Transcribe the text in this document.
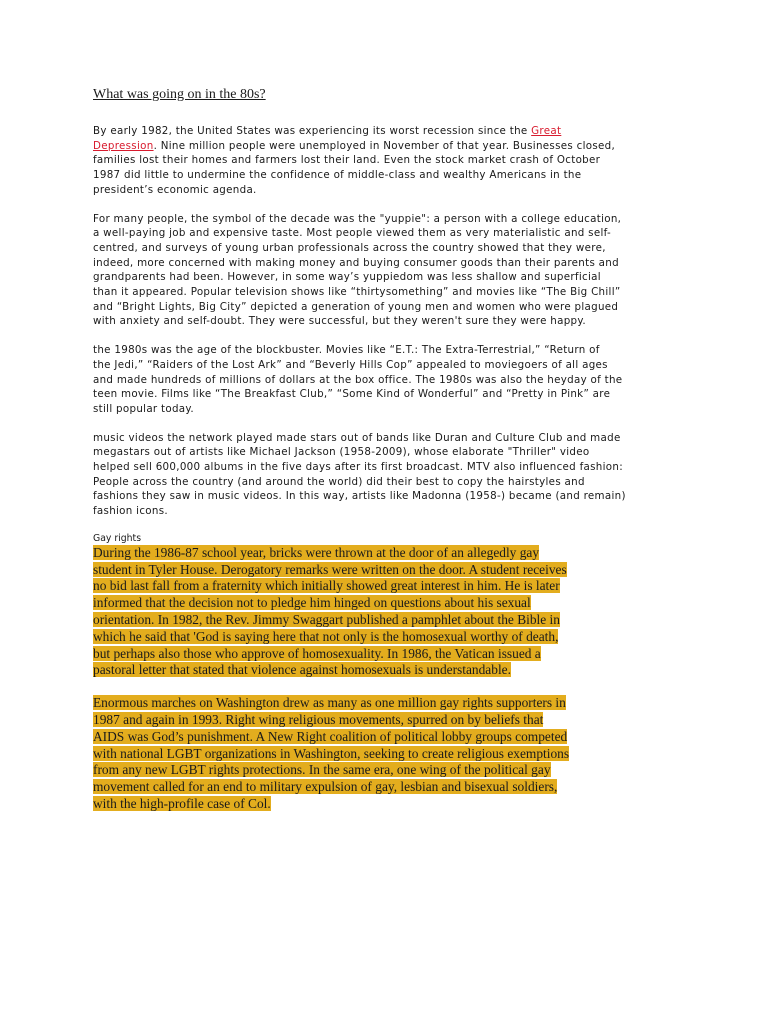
What was going on in the 80s?

By early 1982, the United States was experiencing its worst recession since the Great
Depression. Nine million people were unemployed in November of that year. Businesses closed,
families lost their homes and farmers lost their land. Even the stock market crash of October
1987 did little to undermine the confidence of middle-class and wealthy Americans in the
president’s economic agenda.

For many people, the symbol of the decade was the "yuppie": a person with a college education,
a well-paying job and expensive taste. Most people viewed them as very materialistic and self-
centred, and surveys of young urban professionals across the country showed that they were,
indeed, more concerned with making money and buying consumer goods than their parents and
grandparents had been. However, in some way’s yuppiedom was less shallow and superficial
than it appeared. Popular television shows like “thirtysomething” and movies like “The Big Chill”
and “Bright Lights, Big City” depicted a generation of young men and women who were plagued
with anxiety and self-doubt. They were successful, but they weren't sure they were happy.

the 1980s was the age of the blockbuster. Movies like “E.T.: The Extra-Terrestrial,” “Return of
the Jedi,” “Raiders of the Lost Ark” and “Beverly Hills Cop” appealed to moviegoers of all ages
and made hundreds of millions of dollars at the box office. The 1980s was also the heyday of the
teen movie. Films like “The Breakfast Club,” “Some Kind of Wonderful” and “Pretty in Pink” are
still popular today.

music videos the network played made stars out of bands like Duran and Culture Club and made
megastars out of artists like Michael Jackson (1958-2009), whose elaborate "Thriller" video
helped sell 600,000 albums in the five days after its first broadcast. MTV also influenced fashion:
People across the country (and around the world) did their best to copy the hairstyles and
fashions they saw in music videos. In this way, artists like Madonna (1958-) became (and remain)
fashion icons.

Gay rights

During the 1986-87 school year, bricks were thrown at the door of an allegedly gay
student in Tyler House. Derogatory remarks were written on the door. A student receives
no bid last fall from a fraternity which initially showed great interest in him. He is later
informed that the decision not to pledge him hinged on questions about his sexual
orientation. In 1982, the Rev. Jimmy Swaggart published a pamphlet about the Bible in
which he said that 'God is saying here that not only is the homosexual worthy of death,
but perhaps also those who approve of homosexuality. In 1986, the Vatican issued a
pastoral letter that stated that violence against homosexuals is understandable.

Enormous marches on Washington drew as many as one million gay rights supporters in
1987 and again in 1993. Right wing religious movements, spurred on by beliefs that
AIDS was God’s punishment. A New Right coalition of political lobby groups competed
with national LGBT organizations in Washington, seeking to create religious exemptions
from any new LGBT rights protections. In the same era, one wing of the political gay
movement called for an end to military expulsion of gay, lesbian and bisexual soldiers,
with the high-profile case of Col.
